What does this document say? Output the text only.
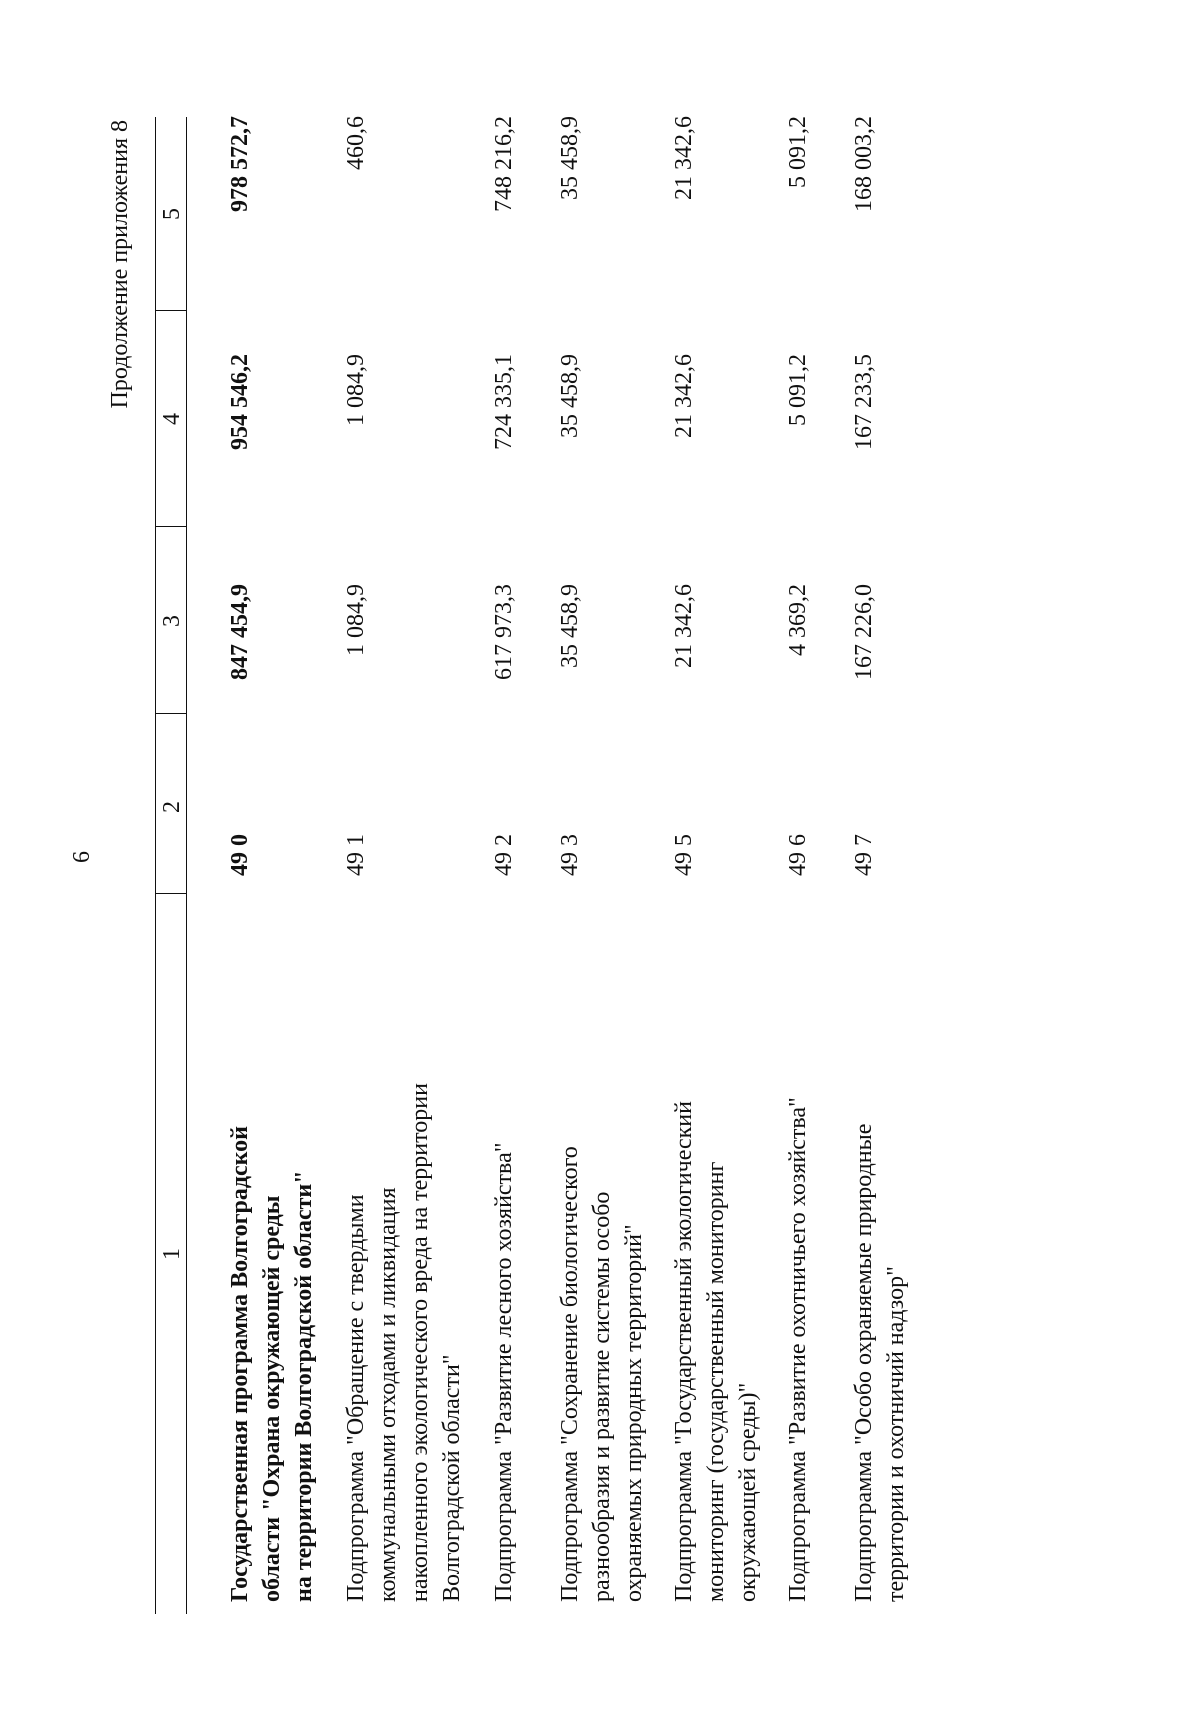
6
Продолжение приложения 8
1
2
3
4
5
Государственная программа Волгоградской области "Охрана окружающей среды на территории Волгоградской области"
49 0
847 454,9
954 546,2
978 572,7
Подпрограмма "Обращение с твердыми коммунальными отходами и ликвидация накопленного экологического вреда на территории Волгоградской области"
49 1
1 084,9
1 084,9
460,6
Подпрограмма "Развитие лесного хозяйства"
49 2
617 973,3
724 335,1
748 216,2
Подпрограмма "Сохранение биологического разнообразия и развитие системы особо охраняемых природных территорий"
49 3
35 458,9
35 458,9
35 458,9
Подпрограмма "Государственный экологический мониторинг (государственный мониторинг окружающей среды)"
49 5
21 342,6
21 342,6
21 342,6
Подпрограмма "Развитие охотничьего хозяйства"
49 6
4 369,2
5 091,2
5 091,2
Подпрограмма "Особо охраняемые природные территории и охотничий надзор"
49 7
167 226,0
167 233,5
168 003,2
